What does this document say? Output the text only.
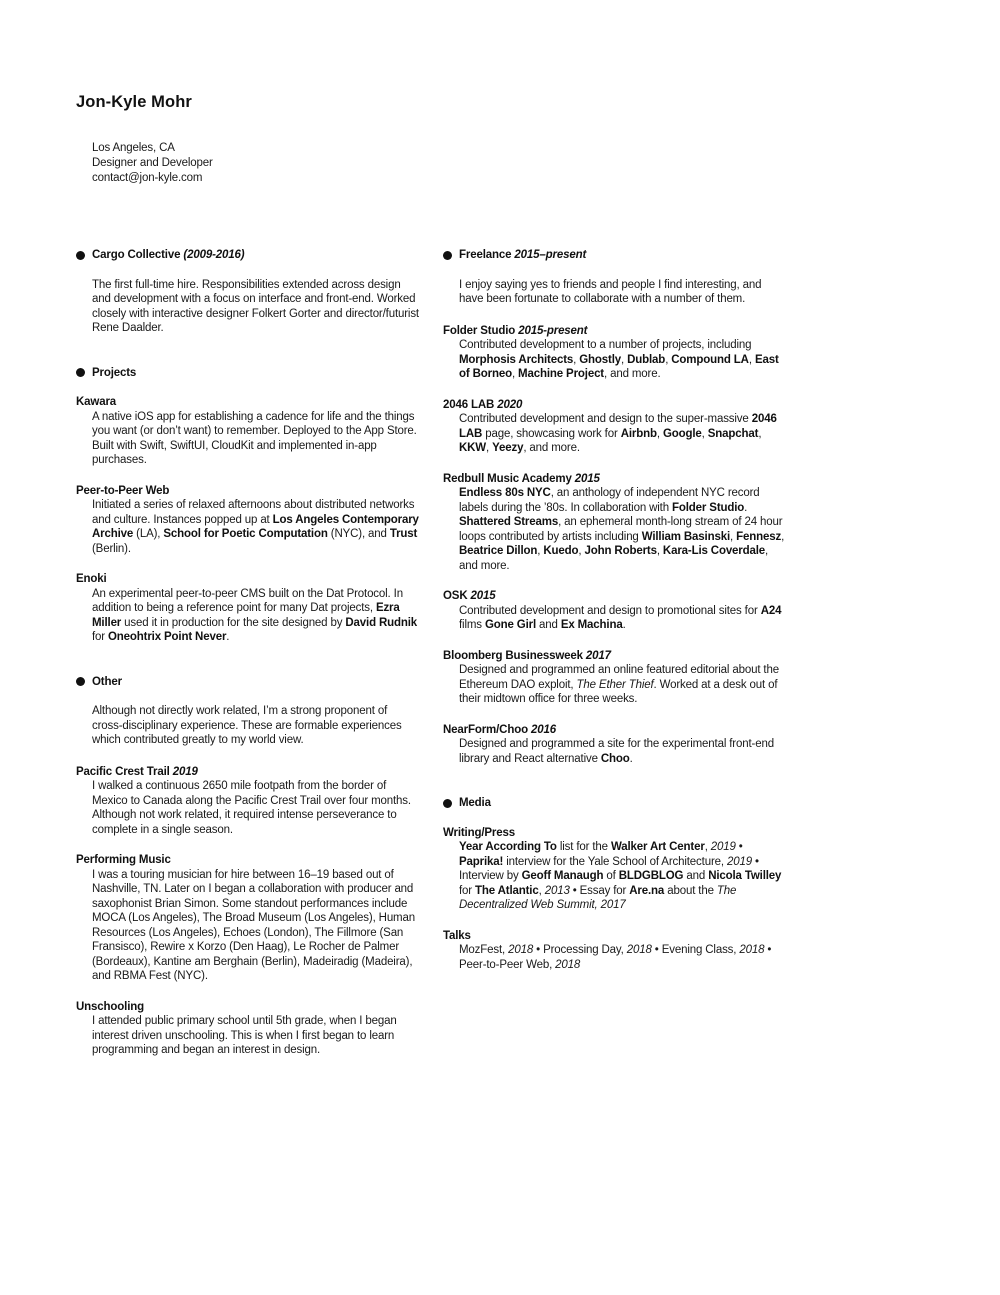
Jon-Kyle Mohr
Los Angeles, CA
Designer and Developer
contact@jon-kyle.com
Cargo Collective (2009-2016)

The first full-time hire. Responsibilities extended across design and development with a focus on interface and front-end. Worked closely with interactive designer Folkert Gorter and director/futurist Rene Daalder.

Projects
Kawara

A native iOS app for establishing a cadence for life and the things you want (or don’t want) to remember. Deployed to the App Store. Built with Swift, SwiftUI, CloudKit and implemented in-app purchases.

Peer-to-Peer Web

Initiated a series of relaxed afternoons about distributed networks and culture. Instances popped up at Los Angeles Contemporary Archive (LA), School for Poetic Computation (NYC), and Trust (Berlin).

Enoki

An experimental peer-to-peer CMS built on the Dat Protocol. In addition to being a reference point for many Dat projects, Ezra Miller used it in production for the site designed by David Rudnik for Oneohtrix Point Never.

Other

Although not directly work related, I’m a strong proponent of cross-disciplinary experience. These are formable experiences which contributed greatly to my world view.

Pacific Crest Trail 2019

I walked a continuous 2650 mile footpath from the border of Mexico to Canada along the Pacific Crest Trail over four months. Although not work related, it required intense perseverance to complete in a single season.

Performing Music

I was a touring musician for hire between 16–19 based out of Nashville, TN. Later on I began a collaboration with producer and saxophonist Brian Simon. Some standout performances include MOCA (Los Angeles), The Broad Museum (Los Angeles), Human Resources (Los Angeles), Echoes (London), The Fillmore (San Fransisco), Rewire x Korzo (Den Haag), Le Rocher de Palmer (Bordeaux), Kantine am Berghain (Berlin), Madeiradig (Madeira), and RBMA Fest (NYC).

Unschooling

I attended public primary school until 5th grade, when I began interest driven unschooling. This is when I first began to learn programming and began an interest in design.

Freelance 2015–present

I enjoy saying yes to friends and people I find interesting, and have been fortunate to collaborate with a number of them.

Folder Studio 2015-present

Contributed development to a number of projects, including Morphosis Architects, Ghostly, Dublab, Compound LA, East of Borneo, Machine Project, and more.

2046 LAB 2020

Contributed development and design to the super-massive 2046 LAB page, showcasing work for Airbnb, Google, Snapchat, KKW, Yeezy, and more.

Redbull Music Academy 2015

Endless 80s NYC, an anthology of independent NYC record labels during the ’80s. In collaboration with Folder Studio. Shattered Streams, an ephemeral month-long stream of 24 hour loops contributed by artists including William Basinski, Fennesz, Beatrice Dillon, Kuedo, John Roberts, Kara-Lis Coverdale, and more.

OSK 2015

Contributed development and design to promotional sites for A24 films Gone Girl and Ex Machina.

Bloomberg Businessweek 2017

Designed and programmed an online featured editorial about the Ethereum DAO exploit, The Ether Thief. Worked at a desk out of their midtown office for three weeks.

NearForm/Choo 2016

Designed and programmed a site for the experimental front-end library and React alternative Choo.

Media
Writing/Press

Year According To list for the Walker Art Center, 2019 • Paprika! interview for the Yale School of Architecture, 2019 • Interview by Geoff Manaugh of BLDGBLOG and Nicola Twilley for The Atlantic, 2013 • Essay for Are.na about the The Decentralized Web Summit, 2017

Talks

MozFest, 2018 • Processing Day, 2018 • Evening Class, 2018 • Peer-to-Peer Web, 2018
